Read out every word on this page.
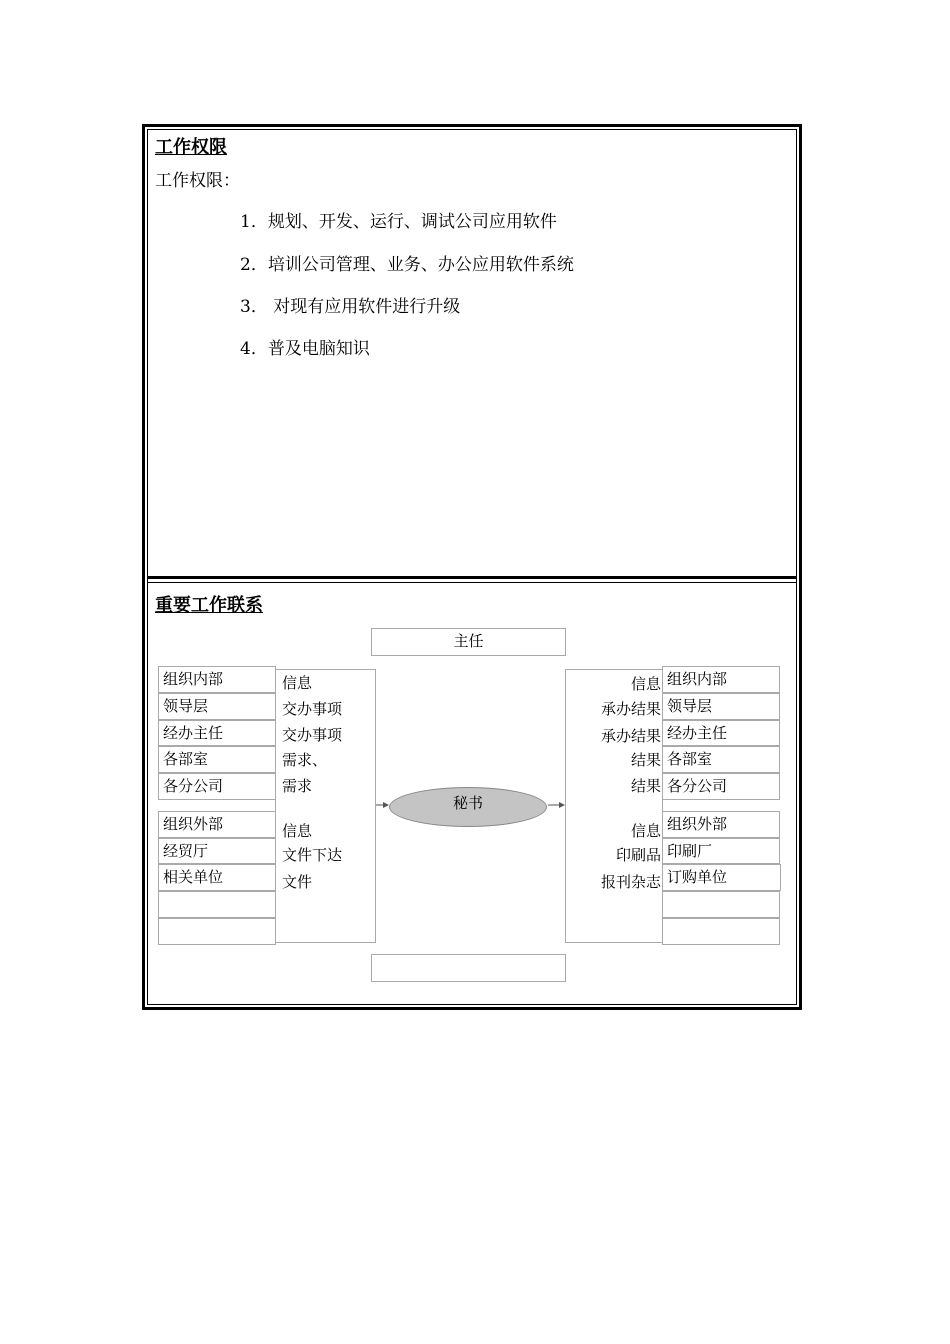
工作权限
工作权限：
1．规划、开发、运行、调试公司应用软件
2．培训公司管理、业务、办公应用软件系统
3． 对现有应用软件进行升级
4．普及电脑知识
重要工作联系
主任
组织内部
领导层
经办主任
各部室
各分公司
组织外部
经贸厅
相关单位
信息
交办事项
交办事项
需求、
需求
信息
文件下达
文件
秘书
信息
承办结果
承办结果
结果
结果
信息
印刷品
报刊杂志
组织内部
领导层
经办主任
各部室
各分公司
组织外部
印刷厂
订购单位
